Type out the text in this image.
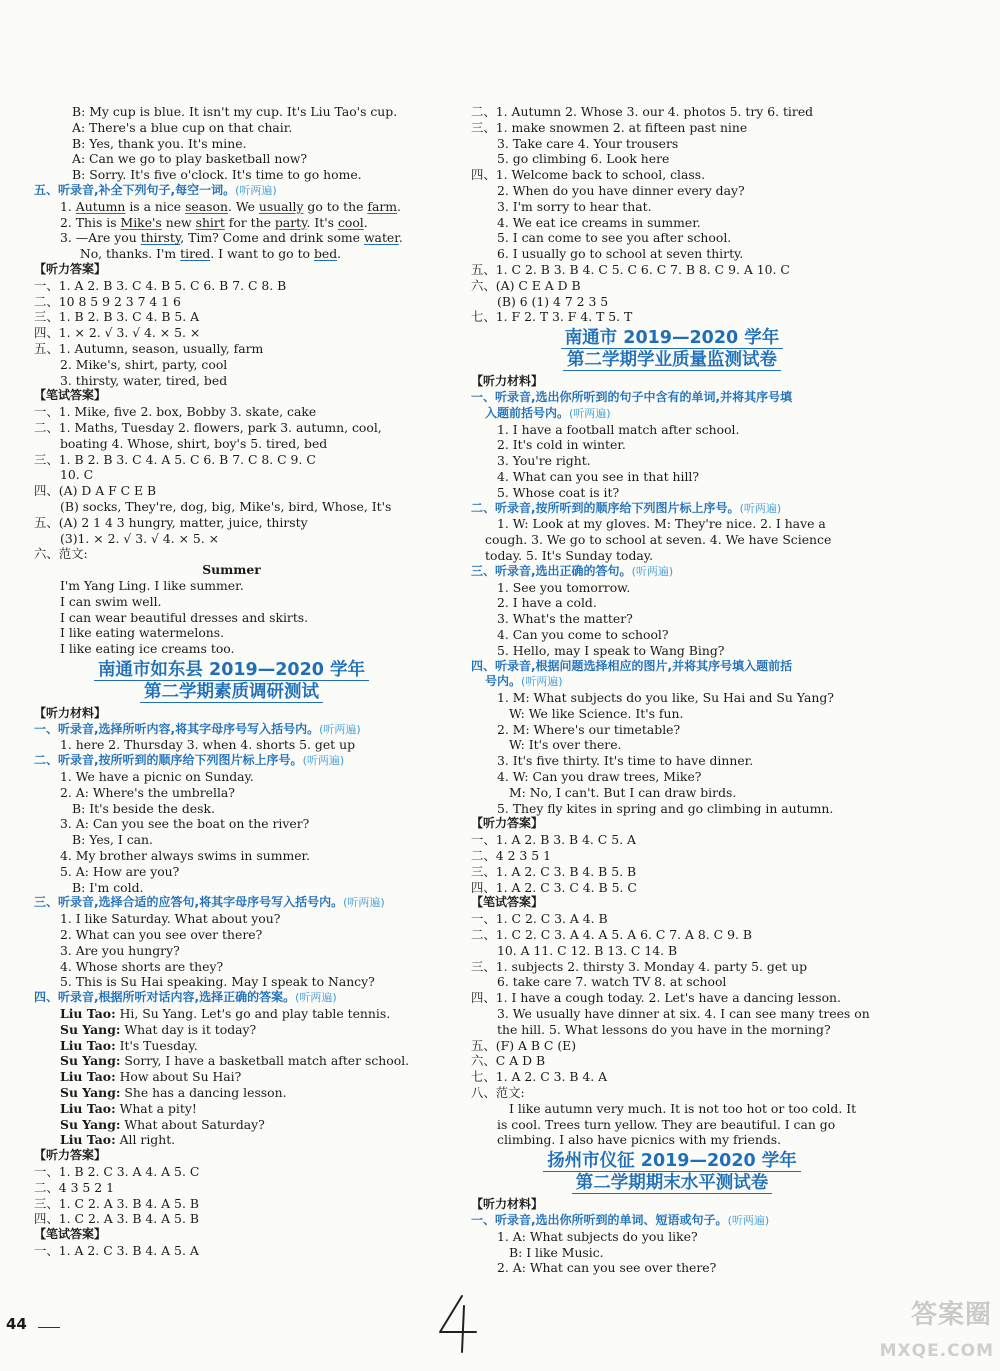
B: My cup is blue. It isn't my cup. It's Liu Tao's cup.
A: There's a blue cup on that chair.
B: Yes, thank you. It's mine.
A: Can we go to play basketball now?
B: Sorry. It's five o'clock. It's time to go home.
五、听录音,补全下列句子,每空一词。(听两遍)
1. Autumn is a nice season. We usually go to the farm.
2. This is Mike's new shirt for the party. It's cool.
3. —Are you thirsty, Tim? Come and drink some water.
No, thanks. I'm tired. I want to go to bed.
【听力答案】
一、1. A 2. B 3. C 4. B 5. C 6. B 7. C 8. B
二、10 8 5 9 2 3 7 4 1 6
三、1. B 2. B 3. C 4. B 5. A
四、1. × 2. √ 3. √ 4. × 5. ×
五、1. Autumn, season, usually, farm
2. Mike's, shirt, party, cool
3. thirsty, water, tired, bed
【笔试答案】
一、1. Mike, five 2. box, Bobby 3. skate, cake
二、1. Maths, Tuesday 2. flowers, park 3. autumn, cool,
boating 4. Whose, shirt, boy's 5. tired, bed
三、1. B 2. B 3. C 4. A 5. C 6. B 7. C 8. C 9. C
10. C
四、(A) D A F C E B
(B) socks, They're, dog, big, Mike's, bird, Whose, It's
五、(A) 2 1 4 3 hungry, matter, juice, thirsty
(3)1. × 2. √ 3. √ 4. × 5. ×
六、范文:
Summer
I'm Yang Ling. I like summer.
I can swim well.
I can wear beautiful dresses and skirts.
I like eating watermelons.
I like eating ice creams too.
南通市如东县 2019—2020 学年
第二学期素质调研测试
【听力材料】
一、听录音,选择所听内容,将其字母序号写入括号内。(听两遍)
1. here 2. Thursday 3. when 4. shorts 5. get up
二、听录音,按所听到的顺序给下列图片标上序号。(听两遍)
1. We have a picnic on Sunday.
2. A: Where's the umbrella?
B: It's beside the desk.
3. A: Can you see the boat on the river?
B: Yes, I can.
4. My brother always swims in summer.
5. A: How are you?
B: I'm cold.
三、听录音,选择合适的应答句,将其字母序号写入括号内。(听两遍)
1. I like Saturday. What about you?
2. What can you see over there?
3. Are you hungry?
4. Whose shorts are they?
5. This is Su Hai speaking. May I speak to Nancy?
四、听录音,根据所听对话内容,选择正确的答案。(听两遍)
Liu Tao: Hi, Su Yang. Let's go and play table tennis.
Su Yang: What day is it today?
Liu Tao: It's Tuesday.
Su Yang: Sorry, I have a basketball match after school.
Liu Tao: How about Su Hai?
Su Yang: She has a dancing lesson.
Liu Tao: What a pity!
Su Yang: What about Saturday?
Liu Tao: All right.
【听力答案】
一、1. B 2. C 3. A 4. A 5. C
二、4 3 5 2 1
三、1. C 2. A 3. B 4. A 5. B
四、1. C 2. A 3. B 4. A 5. B
【笔试答案】
一、1. A 2. C 3. B 4. A 5. A
二、1. Autumn 2. Whose 3. our 4. photos 5. try 6. tired
三、1. make snowmen 2. at fifteen past nine
3. Take care 4. Your trousers
5. go climbing 6. Look here
四、1. Welcome back to school, class.
2. When do you have dinner every day?
3. I'm sorry to hear that.
4. We eat ice creams in summer.
5. I can come to see you after school.
6. I usually go to school at seven thirty.
五、1. C 2. B 3. B 4. C 5. C 6. C 7. B 8. C 9. A 10. C
六、(A) C E A D B
(B) 6 (1) 4 7 2 3 5
七、1. F 2. T 3. F 4. T 5. T
南通市 2019—2020 学年
第二学期学业质量监测试卷
【听力材料】
一、听录音,选出你所听到的句子中含有的单词,并将其序号填
入题前括号内。(听两遍)
1. I have a football match after school.
2. It's cold in winter.
3. You're right.
4. What can you see in that hill?
5. Whose coat is it?
二、听录音,按所听到的顺序给下列图片标上序号。(听两遍)
1. W: Look at my gloves. M: They're nice. 2. I have a
cough. 3. We go to school at seven. 4. We have Science
today. 5. It's Sunday today.
三、听录音,选出正确的答句。(听两遍)
1. See you tomorrow.
2. I have a cold.
3. What's the matter?
4. Can you come to school?
5. Hello, may I speak to Wang Bing?
四、听录音,根据问题选择相应的图片,并将其序号填入题前括
号内。(听两遍)
1. M: What subjects do you like, Su Hai and Su Yang?
W: We like Science. It's fun.
2. M: Where's our timetable?
W: It's over there.
3. It's five thirty. It's time to have dinner.
4. W: Can you draw trees, Mike?
M: No, I can't. But I can draw birds.
5. They fly kites in spring and go climbing in autumn.
【听力答案】
一、1. A 2. B 3. B 4. C 5. A
二、4 2 3 5 1
三、1. A 2. C 3. B 4. B 5. B
四、1. A 2. C 3. C 4. B 5. C
【笔试答案】
一、1. C 2. C 3. A 4. B
二、1. C 2. C 3. A 4. A 5. A 6. C 7. A 8. C 9. B
10. A 11. C 12. B 13. C 14. B
三、1. subjects 2. thirsty 3. Monday 4. party 5. get up
6. take care 7. watch TV 8. at school
四、1. I have a cough today. 2. Let's have a dancing lesson.
3. We usually have dinner at six. 4. I can see many trees on
the hill. 5. What lessons do you have in the morning?
五、(F) A B C (E)
六、C A D B
七、1. A 2. C 3. B 4. A
八、范文:
I like autumn very much. It is not too hot or too cold. It
is cool. Trees turn yellow. They are beautiful. I can go
climbing. I also have picnics with my friends.
扬州市仪征 2019—2020 学年
第二学期期末水平测试卷
【听力材料】
一、听录音,选出你所听到的单词、短语或句子。(听两遍)
1. A: What subjects do you like?
B: I like Music.
2. A: What can you see over there?
44	答案圈
MXQE.COM
